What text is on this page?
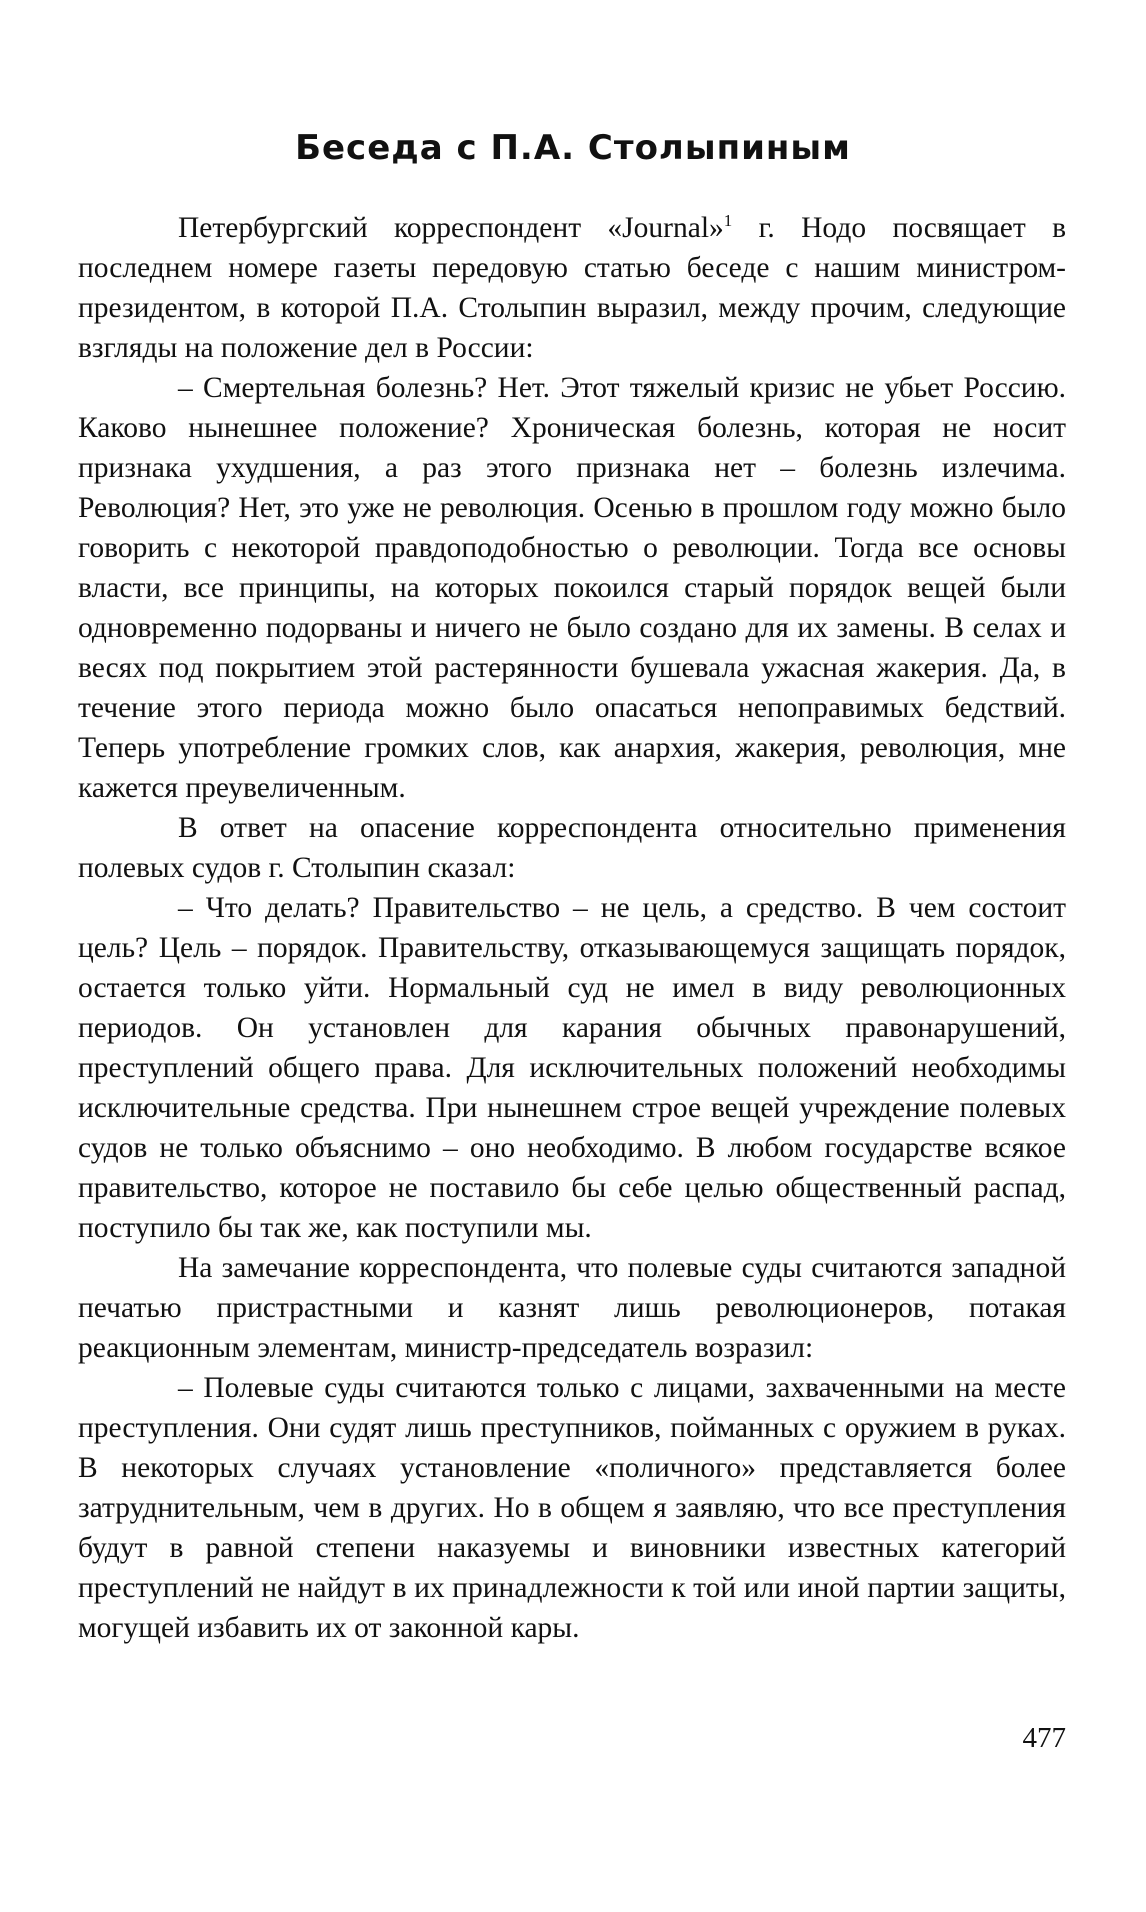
Беседа с П.А. Столыпиным

Петербургский корреспондент «Journal»$^1$ г. Нодо посвящает в последнем номере газеты передовую статью беседе с нашим министром-президентом, в которой П.А. Столыпин выразил, между прочим, следующие взгляды на положение дел в России:

– Смертельная болезнь? Нет. Этот тяжелый кризис не убьет Россию. Каково нынешнее положение? Хроническая болезнь, которая не носит признака ухудшения, а раз этого признака нет – болезнь излечима. Революция? Нет, это уже не революция. Осенью в прошлом году можно было говорить с некоторой правдоподобностью о революции. Тогда все основы власти, все принципы, на которых покоился старый порядок вещей были одновременно подорваны и ничего не было создано для их замены. В селах и весях под покрытием этой растерянности бушевала ужасная жакерия. Да, в течение этого периода можно было опасаться непоправимых бедствий. Теперь употребление громких слов, как анархия, жакерия, революция, мне кажется преувеличенным.

В ответ на опасение корреспондента относительно применения полевых судов г. Столыпин сказал:

– Что делать? Правительство – не цель, а средство. В чем состоит цель? Цель – порядок. Правительству, отказывающемуся защищать порядок, остается только уйти. Нормальный суд не имел в виду революционных периодов. Он установлен для карания обычных правонарушений, преступлений общего права. Для исключительных положений необходимы исключительные средства. При нынешнем строе вещей учреждение полевых судов не только объяснимо – оно необходимо. В любом государстве всякое правительство, которое не поставило бы себе целью общественный распад, поступило бы так же, как поступили мы.

На замечание корреспондента, что полевые суды считаются западной печатью пристрастными и казнят лишь революционеров, потакая реакционным элементам, министр-председатель возразил:

– Полевые суды считаются только с лицами, захваченными на месте преступления. Они судят лишь преступников, пойманных с оружием в руках. В некоторых случаях установление «поличного» представляется более затруднительным, чем в других. Но в общем я заявляю, что все преступления будут в равной степени наказуемы и виновники известных категорий преступлений не найдут в их принадлежности к той или иной партии защиты, могущей избавить их от законной кары.

477
